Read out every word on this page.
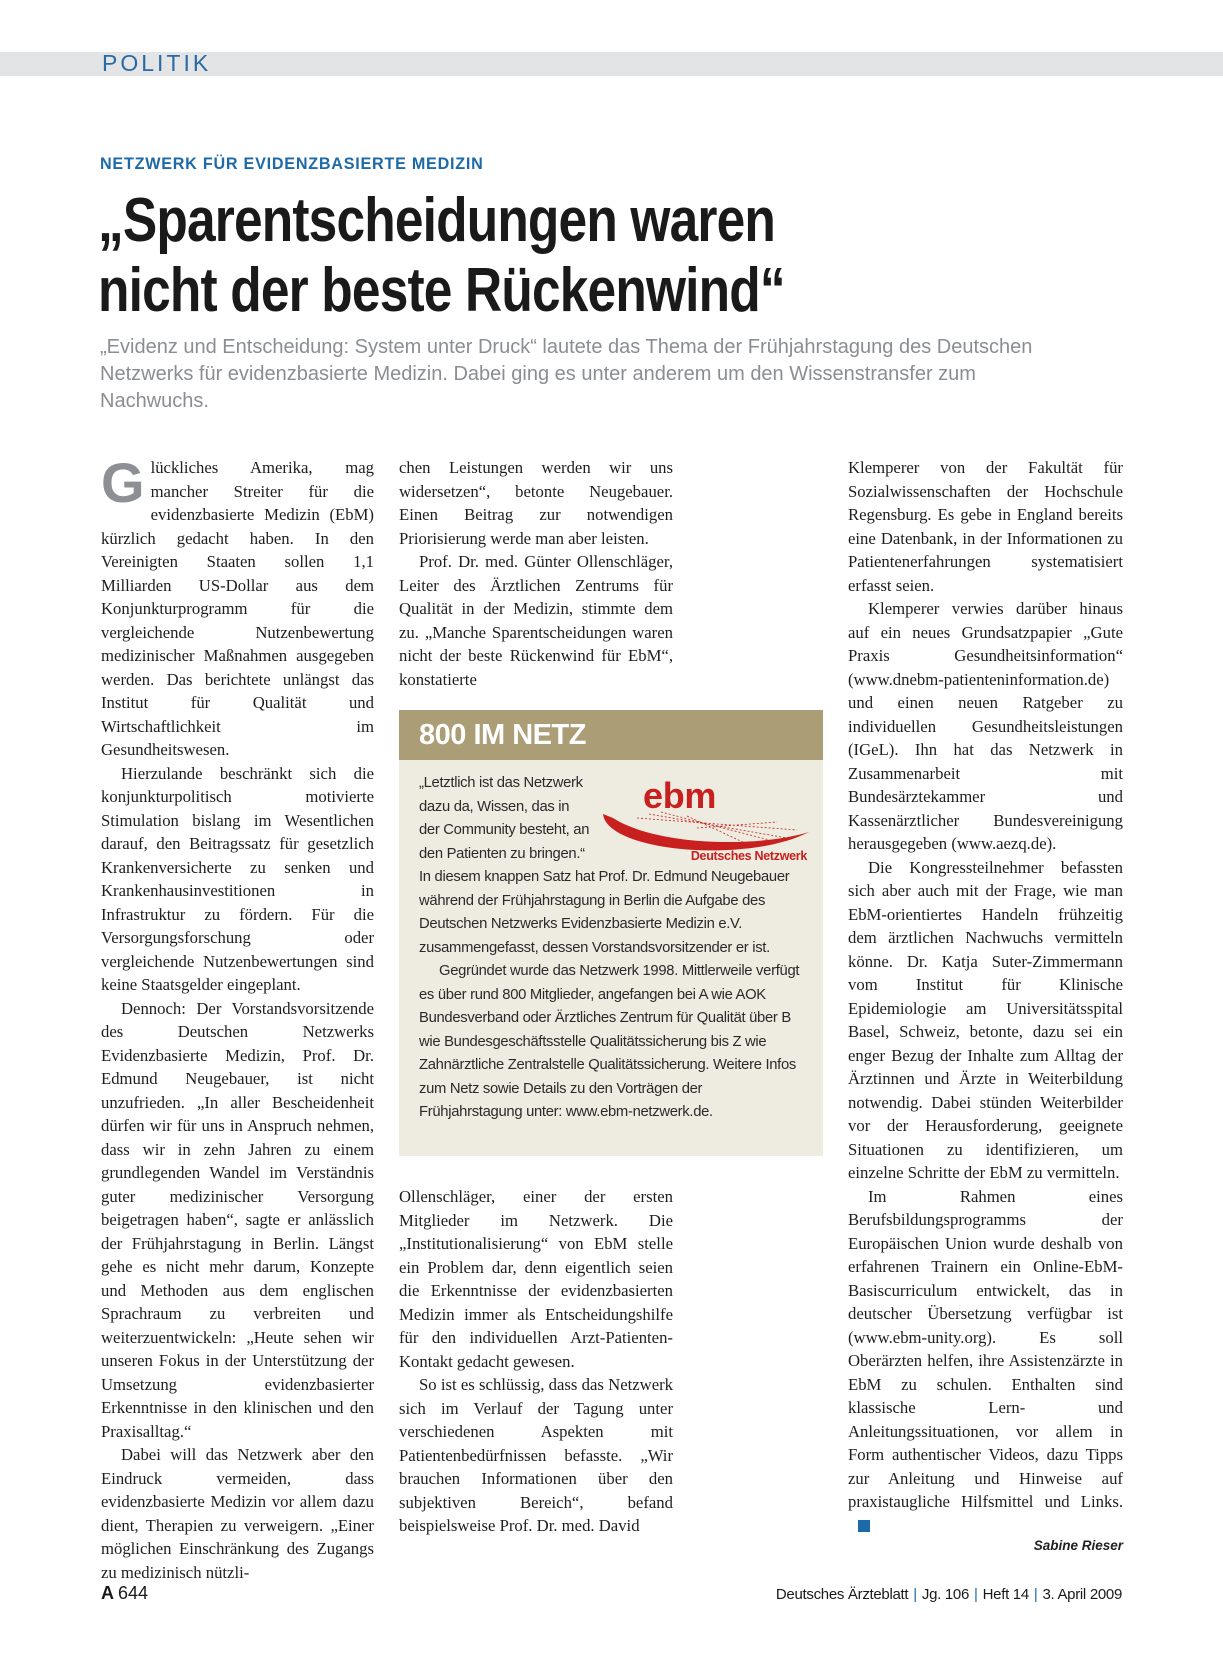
POLITIK
NETZWERK FÜR EVIDENZBASIERTE MEDIZIN
„Sparentscheidungen waren
nicht der beste Rückenwind“
„Evidenz und Entscheidung: System unter Druck“ lautete das Thema der Frühjahrstagung des Deutschen Netzwerks für evidenzbasierte Medizin. Dabei ging es unter anderem um den Wissenstransfer zum Nachwuchs.

Glückliches Amerika, mag mancher Streiter für die evidenzbasierte Medizin (EbM) kürzlich gedacht haben. In den Vereinigten Staaten sollen 1,1 Milliarden US-Dollar aus dem Konjunkturprogramm für die vergleichende Nutzenbewertung medizinischer Maßnahmen ausgegeben werden. Das berichtete unlängst das Institut für Qualität und Wirtschaftlichkeit im Gesundheitswesen.

Hierzulande beschränkt sich die konjunkturpolitisch motivierte Stimulation bislang im Wesentlichen darauf, den Beitragssatz für gesetzlich Krankenversicherte zu senken und Krankenhausinvestitionen in Infrastruktur zu fördern. Für die Versorgungsforschung oder vergleichende Nutzenbewertungen sind keine Staatsgelder eingeplant.

Dennoch: Der Vorstandsvorsitzende des Deutschen Netzwerks Evidenzbasierte Medizin, Prof. Dr. Edmund Neugebauer, ist nicht unzufrieden. „In aller Bescheidenheit dürfen wir für uns in Anspruch nehmen, dass wir in zehn Jahren zu einem grundlegenden Wandel im Verständnis guter medizinischer Versorgung beigetragen haben“, sagte er anlässlich der Frühjahrstagung in Berlin. Längst gehe es nicht mehr darum, Konzepte und Methoden aus dem englischen Sprachraum zu verbreiten und weiterzuentwickeln: „Heute sehen wir unseren Fokus in der Unterstützung der Umsetzung evidenzbasierter Erkenntnisse in den klinischen und den Praxisalltag.“

Dabei will das Netzwerk aber den Eindruck vermeiden, dass evidenzbasierte Medizin vor allem dazu dient, Therapien zu verweigern. „Einer möglichen Einschränkung des Zugangs zu medizinisch nützli-

chen Leistungen werden wir uns widersetzen“, betonte Neugebauer. Einen Beitrag zur notwendigen Priorisierung werde man aber leisten.

Prof. Dr. med. Günter Ollenschläger, Leiter des Ärztlichen Zentrums für Qualität in der Medizin, stimmte dem zu. „Manche Sparentscheidungen waren nicht der beste Rückenwind für EbM“, konstatierte

800 IM NETZ
ebm
Deutsches Netzwerk

„Letztlich ist das Netzwerk dazu da, Wissen, das in der Community besteht, an den Patienten zu bringen.“ In diesem knappen Satz hat Prof. Dr. Edmund Neugebauer während der Frühjahrstagung in Berlin die Aufgabe des Deutschen Netzwerks Evidenzbasierte Medizin e.V. zusammengefasst, dessen Vorstandsvorsitzender er ist.

Gegründet wurde das Netzwerk 1998. Mittlerweile verfügt es über rund 800 Mitglieder, angefangen bei A wie AOK Bundesverband oder Ärztliches Zentrum für Qualität über B wie Bundesgeschäftsstelle Qualitätssicherung bis Z wie Zahnärztliche Zentralstelle Qualitätssicherung. Weitere Infos zum Netz sowie Details zu den Vorträgen der Frühjahrstagung unter: www.ebm-netzwerk.de.

Ollenschläger, einer der ersten Mitglieder im Netzwerk. Die „Institutionalisierung“ von EbM stelle ein Problem dar, denn eigentlich seien die Erkenntnisse der evidenzbasierten Medizin immer als Entscheidungshilfe für den individuellen Arzt-Patienten-Kontakt gedacht gewesen.

So ist es schlüssig, dass das Netzwerk sich im Verlauf der Tagung unter verschiedenen Aspekten mit Patientenbedürfnissen befasste. „Wir brauchen Informationen über den subjektiven Bereich“, befand beispielsweise Prof. Dr. med. David

Klemperer von der Fakultät für Sozialwissenschaften der Hochschule Regensburg. Es gebe in England bereits eine Datenbank, in der Informationen zu Patientenerfahrungen systematisiert erfasst seien.

Klemperer verwies darüber hinaus auf ein neues Grundsatzpapier „Gute Praxis Gesundheitsinformation“ (www.dnebm-patienteninformation.de) und einen neuen Ratgeber zu individuellen Gesundheitsleistungen (IGeL). Ihn hat das Netzwerk in Zusammenarbeit mit Bundesärztekammer und Kassenärztlicher Bundesvereinigung herausgegeben (www.aezq.de).

Die Kongressteilnehmer befassten sich aber auch mit der Frage, wie man EbM-orientiertes Handeln frühzeitig dem ärztlichen Nachwuchs vermitteln könne. Dr. Katja Suter-Zimmermann vom Institut für Klinische Epidemiologie am Universitätsspital Basel, Schweiz, betonte, dazu sei ein enger Bezug der Inhalte zum Alltag der Ärztinnen und Ärzte in Weiterbildung notwendig. Dabei stünden Weiterbilder vor der Herausforderung, geeignete Situationen zu identifizieren, um einzelne Schritte der EbM zu vermitteln.

Im Rahmen eines Berufsbildungsprogramms der Europäischen Union wurde deshalb von erfahrenen Trainern ein Online-EbM-Basiscurriculum entwickelt, das in deutscher Übersetzung verfügbar ist (www.ebm-unity.org). Es soll Oberärzten helfen, ihre Assistenzärzte in EbM zu schulen. Enthalten sind klassische Lern- und Anleitungssituationen, vor allem in Form authentischer Videos, dazu Tipps zur Anleitung und Hinweise auf praxistaugliche Hilfsmittel und Links.

Sabine Rieser
A 644	Deutsches Ärzteblatt | Jg. 106 | Heft 14 | 3. April 2009
